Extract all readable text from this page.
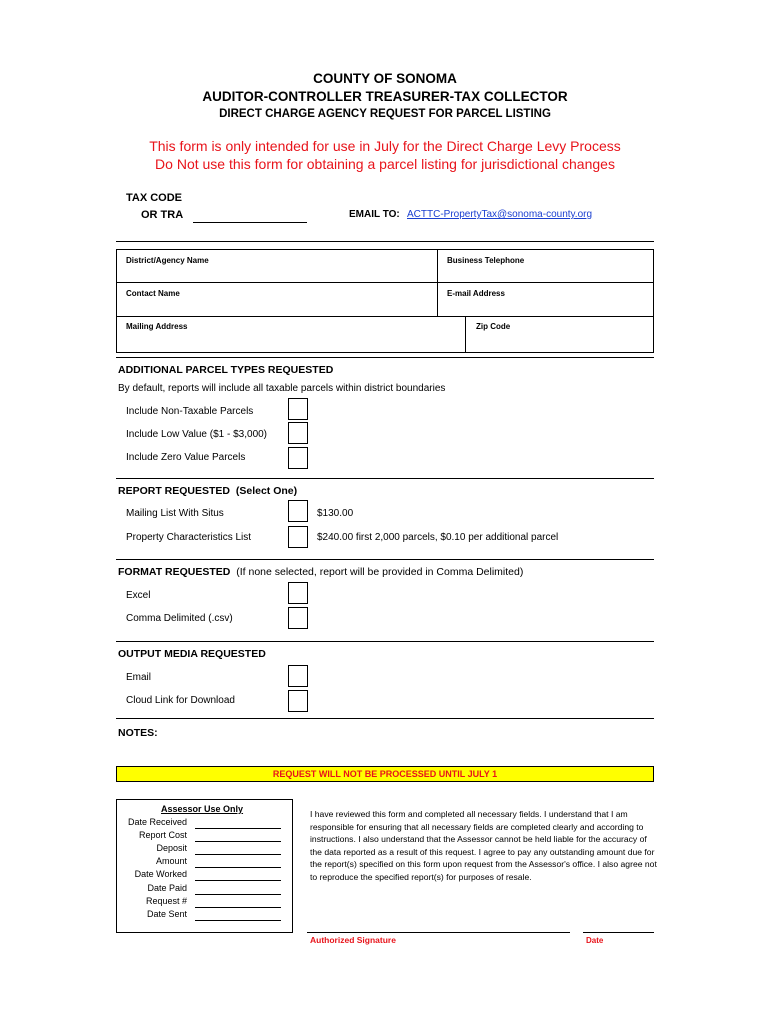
COUNTY OF SONOMA
AUDITOR-CONTROLLER TREASURER-TAX COLLECTOR
DIRECT CHARGE AGENCY REQUEST FOR PARCEL LISTING
This form is only intended for use in July for the Direct Charge Levy Process
Do Not use this form for obtaining a parcel listing for jurisdictional changes
TAX CODE
OR TRA	EMAIL TO: ACTTC-PropertyTax@sonoma-county.org
District/Agency Name	Business Telephone
Contact Name	E-mail Address
Mailing Address	Zip Code
ADDITIONAL PARCEL TYPES REQUESTED
By default, reports will include all taxable parcels within district boundaries
Include Non-Taxable Parcels
Include Low Value ($1 - $3,000)
Include Zero Value Parcels
REPORT REQUESTED (Select One)
Mailing List With Situs	$130.00
Property Characteristics List	$240.00 first 2,000 parcels, $0.10 per additional parcel
FORMAT REQUESTED (If none selected, report will be provided in Comma Delimited)
Excel
Comma Delimited (.csv)
OUTPUT MEDIA REQUESTED
Email
Cloud Link for Download
NOTES:
REQUEST WILL NOT BE PROCESSED UNTIL JULY 1
Assessor Use Only
Date Received
Report Cost
Deposit
Amount
Date Worked
Date Paid
Request #
Date Sent
I have reviewed this form and completed all necessary fields. I understand that I am responsible for ensuring that all necessary fields are completed clearly and according to instructions. I also understand that the Assessor cannot be held liable for the accuracy of the data reported as a result of this request. I agree to pay any outstanding amount due for the report(s) specified on this form upon request from the Assessor's office. I also agree not to reproduce the specified report(s) for purposes of resale.
Authorized Signature	Date
